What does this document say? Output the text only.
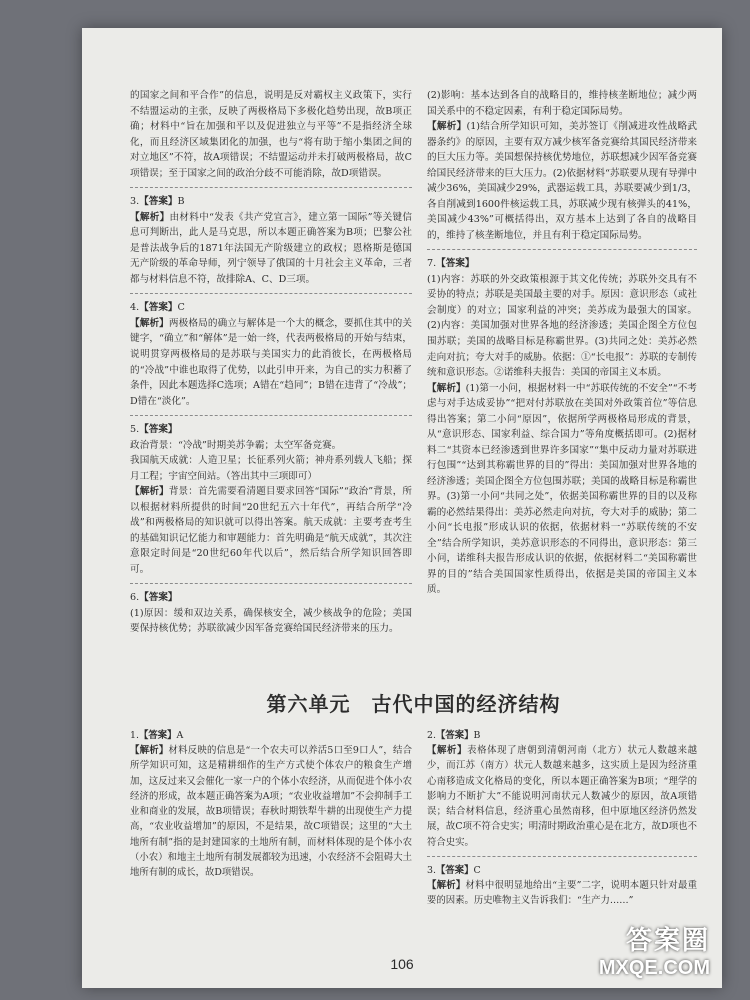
的国家之间和平合作”的信息，说明是反对霸权主义政策下，实行不结盟运动的主张，反映了两极格局下多极化趋势出现，故B项正确；材料中“旨在加强和平以及促进独立与平等”不是指经济全球化，而且经济区域集团化的加强，也与“将有助于缩小集团之间的对立地区”不符，故A项错误；不结盟运动并未打破两极格局，故C项错误；至于国家之间的政治分歧不可能消除，故D项错误。

3.【答案】B

【解析】由材料中“发表《共产党宣言》，建立第一国际”等关键信息可判断出，此人是马克思，所以本题正确答案为B项；巴黎公社是普法战争后的1871年法国无产阶级建立的政权；恩格斯是德国无产阶级的革命导师，列宁领导了俄国的十月社会主义革命，三者都与材料信息不符，故排除A、C、D三项。

4.【答案】C

【解析】两极格局的确立与解体是一个大的概念，要抓住其中的关键字，“确立”和“解体”是一始一终，代表两极格局的开始与结束，说明贯穿两极格局的是苏联与美国实力的此消彼长，在两极格局的“冷战”中谁也取得了优势，以此引申开来，为自己的实力积蓄了条件，因此本题选择C选项；A错在“趋同”；B错在违背了“冷战”；D错在“淡化”。

5.【答案】

政治背景：“冷战”时期美苏争霸；太空军备竞赛。

我国航天成就：人造卫星；长征系列火箭；神舟系列载人飞船；探月工程；宇宙空间站。（答出其中三项即可）

【解析】背景：首先需要看清题目要求回答“国际”“政治”背景，所以根据材料所提供的时间“20世纪五六十年代”，再结合所学“冷战”和两极格局的知识就可以得出答案。航天成就：主要考查考生的基础知识记忆能力和审题能力：首先明确是“航天成就”，其次注意限定时间是“20世纪60年代以后”，然后结合所学知识回答即可。

6.【答案】

(1)原因：缓和双边关系，确保核安全，减少核战争的危险；美国要保持核优势；苏联欲减少因军备竞赛给国民经济带来的压力。

(2)影响：基本达到各自的战略目的，维持核垄断地位；减少两国关系中的不稳定因素，有利于稳定国际局势。

【解析】(1)结合所学知识可知，美苏签订《削减进攻性战略武器条约》的原因，主要有双方减少核军备竞赛给其国民经济带来的巨大压力等。美国想保持核优势地位，苏联想减少因军备竞赛给国民经济带来的巨大压力。(2)依据材料“苏联要从现有导弹中减少36%，美国减少29%，武器运载工具，苏联要减少到1/3，各自削减到1600件核运载工具，苏联减少现有核弹头的41%，美国减少43%”可概括得出，双方基本上达到了各自的战略目的，维持了核垄断地位，并且有利于稳定国际局势。

7.【答案】

(1)内容：苏联的外交政策根源于其文化传统；苏联外交具有不妥协的特点；苏联是美国最主要的对手。原因：意识形态（或社会制度）的对立；国家利益的冲突；美苏成为最强大的国家。(2)内容：美国加强对世界各地的经济渗透；美国企图全方位包围苏联；美国的战略目标是称霸世界。(3)共同之处：美苏必然走向对抗；夸大对手的威胁。依据：①“长电报”：苏联的专制传统和意识形态。②诺维科夫报告：美国的帝国主义本质。

【解析】(1)第一小问，根据材料一中“苏联传统的不安全”“不考虑与对手达成妥协”“把对付苏联放在美国对外政策首位”等信息得出答案；第二小问“原因”，依据所学两极格局形成的背景，从“意识形态、国家利益、综合国力”等角度概括即可。(2)据材料二“其资本已经渗透到世界许多国家”“集中反动力量对苏联进行包围”“达到其称霸世界的目的”得出：美国加强对世界各地的经济渗透；美国企图全方位包围苏联；美国的战略目标是称霸世界。(3)第一小问“共同之处”，依据美国称霸世界的目的以及称霸的必然结果得出：美苏必然走向对抗，夸大对手的威胁；第二小问“长电报”形成认识的依据，依据材料一“苏联传统的不安全”结合所学知识，美苏意识形态的不同得出，意识形态：第三小问，诺维科夫报告形成认识的依据，依据材料二“美国称霸世界的目的”结合美国国家性质得出，依据是美国的帝国主义本质。

第六单元　古代中国的经济结构

1.【答案】A

【解析】材料反映的信息是“一个农夫可以养活5口至9口人”，结合所学知识可知，这是精耕细作的生产方式使个体农户的粮食生产增加，这反过来又会催化一家一户的个体小农经济，从而促进个体小农经济的形成，故本题正确答案为A项；“农业收益增加”不会抑制手工业和商业的发展，故B项错误；春秋时期铁犁牛耕的出现使生产力提高，“农业收益增加”的原因，不是结果，故C项错误；这里的“大土地所有制”指的是封建国家的土地所有制，而材料体现的是个体小农（小农）和地主土地所有制发展都较为迅速，小农经济不会阻碍大土地所有制的成长，故D项错误。

2.【答案】B

【解析】表格体现了唐朝到清朝河南（北方）状元人数越来越少，而江苏（南方）状元人数越来越多，这实质上是因为经济重心南移造成文化格局的变化，所以本题正确答案为B项；“理学的影响力不断扩大”不能说明河南状元人数减少的原因，故A项错误；结合材料信息，经济重心虽然南移，但中原地区经济仍然发展，故C项不符合史实；明清时期政治重心是在北方，故D项也不符合史实。

3.【答案】C

【解析】材料中很明显地给出“主要”二字，说明本题只针对最重要的因素。历史唯物主义告诉我们：“生产力……”

106
答案圈
MXQE.COM
